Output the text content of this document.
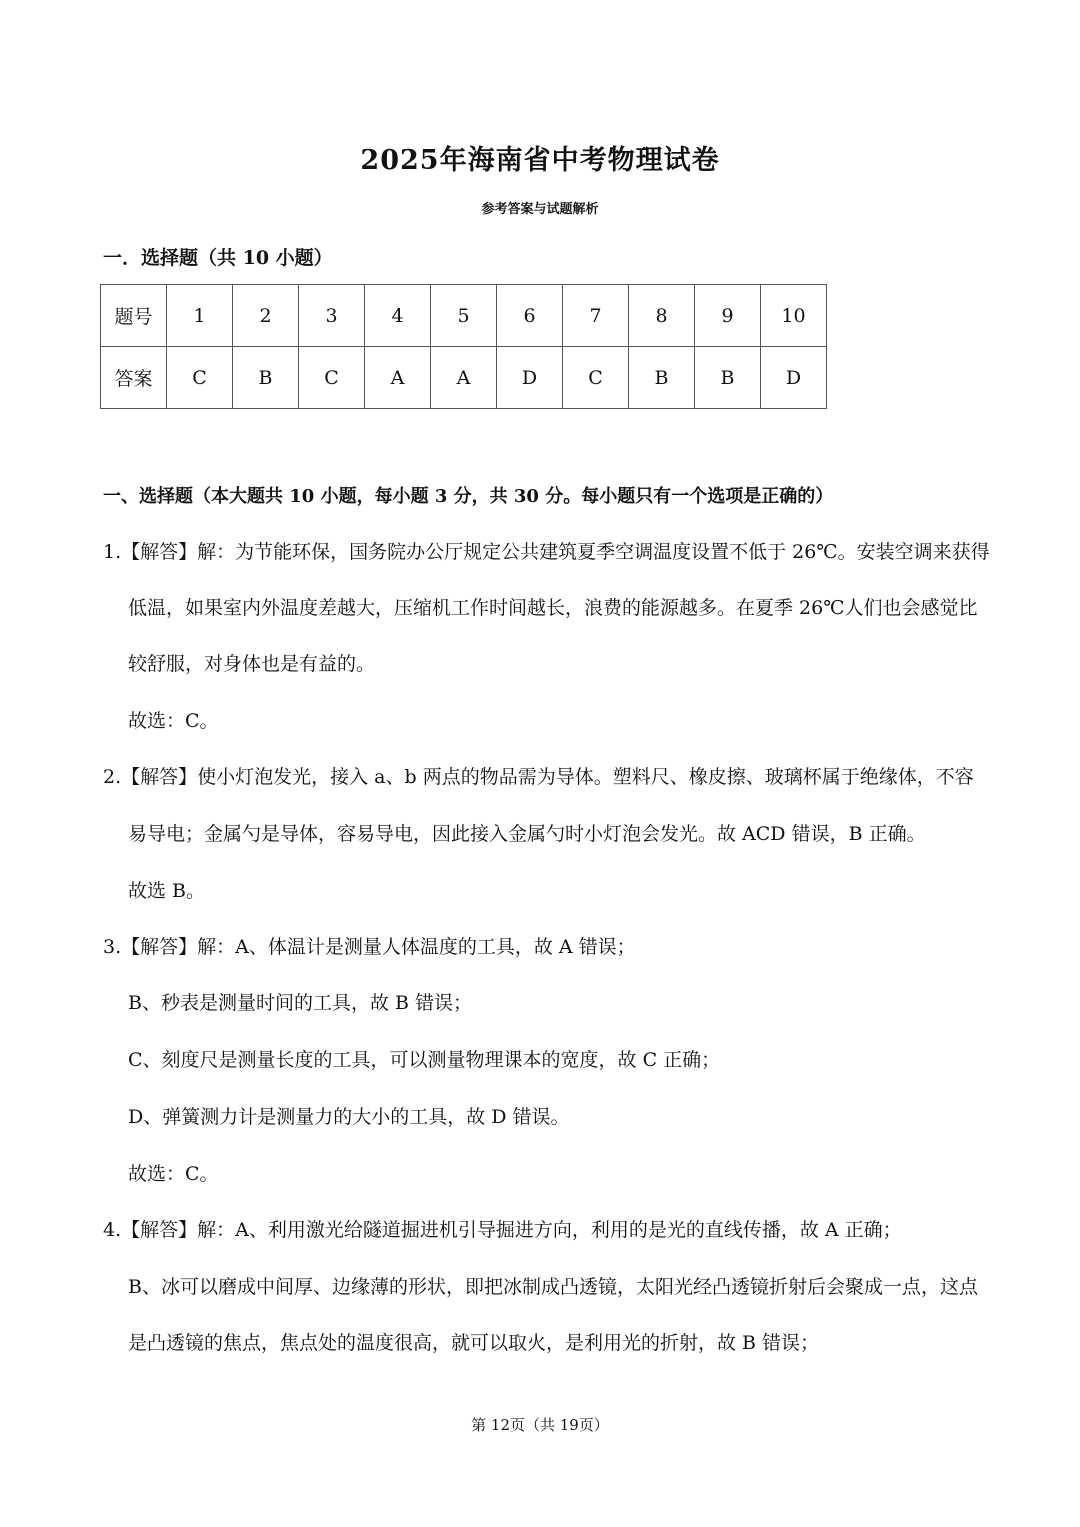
2025年海南省中考物理试卷
参考答案与试题解析
一．选择题（共 10 小题）
题号	1	2	3	4	5	6	7	8	9	10
答案	C	B	C	A	A	D	C	B	B	D
一、选择题（本大题共 10 小题，每小题 3 分，共 30 分。每小题只有一个选项是正确的）
1.【解答】解：为节能环保，国务院办公厅规定公共建筑夏季空调温度设置不低于 26℃。安装空调来获得
低温，如果室内外温度差越大，压缩机工作时间越长，浪费的能源越多。在夏季 26℃人们也会感觉比
较舒服，对身体也是有益的。
故选：C。
2.【解答】使小灯泡发光，接入 a、b 两点的物品需为导体。塑料尺、橡皮擦、玻璃杯属于绝缘体，不容
易导电；金属勺是导体，容易导电，因此接入金属勺时小灯泡会发光。故 ACD 错误，B 正确。
故选 B。
3.【解答】解：A、体温计是测量人体温度的工具，故 A 错误；
B、秒表是测量时间的工具，故 B 错误；
C、刻度尺是测量长度的工具，可以测量物理课本的宽度，故 C 正确；
D、弹簧测力计是测量力的大小的工具，故 D 错误。
故选：C。
4.【解答】解：A、利用激光给隧道掘进机引导掘进方向，利用的是光的直线传播，故 A 正确；
B、冰可以磨成中间厚、边缘薄的形状，即把冰制成凸透镜，太阳光经凸透镜折射后会聚成一点，这点
是凸透镜的焦点，焦点处的温度很高，就可以取火，是利用光的折射，故 B 错误；
第 12页（共 19页）
